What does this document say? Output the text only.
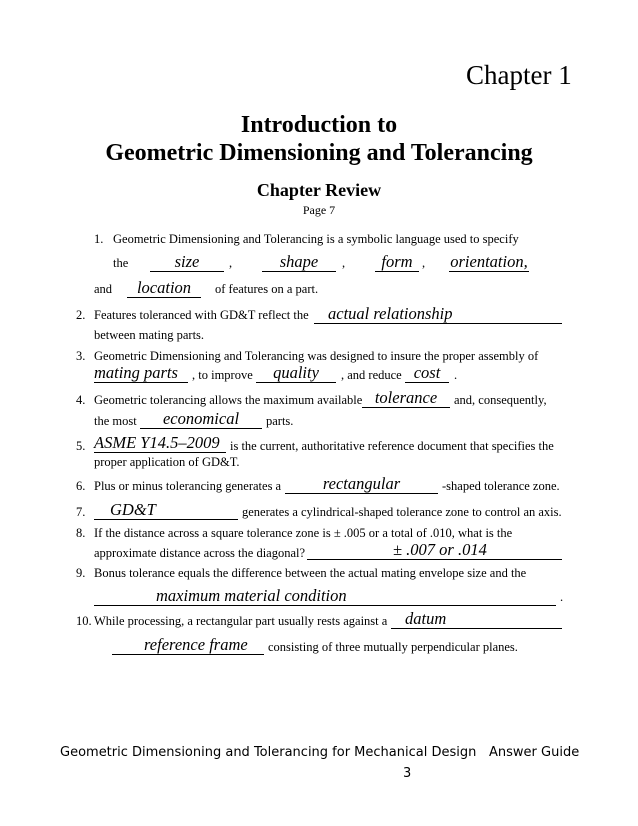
Chapter 1
Introduction to
Geometric Dimensioning and Tolerancing
Chapter Review
Page 7
1. Geometric Dimensioning and Tolerancing is a symbolic language used to specify
the	size	,	shape	,	form , orientation,
and	location	of features on a part.
2. Features toleranced with GD&T reflect the	actual relationship
between mating parts.
3. Geometric Dimensioning and Tolerancing was designed to insure the proper assembly of
mating parts	, to improve	quality	, and reduce cost	.
4. Geometric tolerancing allows the maximum available tolerance	and, consequently,
the most	economical	parts.
5. ASME Y14.5–2009 is the current, authoritative reference document that specifies the
proper application of GD&T.
6. Plus or minus tolerancing generates a	rectangular	-shaped tolerance zone.
7.	GD&T	generates a cylindrical-shaped tolerance zone to control an axis.
8. If the distance across a square tolerance zone is ± .005 or a total of .010, what is the
approximate distance across the diagonal?	± .007 or .014
9. Bonus tolerance equals the difference between the actual mating envelope size and the
maximum material condition	.
10. While processing, a rectangular part usually rests against a	datum
reference frame	consisting of three mutually perpendicular planes.
Geometric Dimensioning and Tolerancing for Mechanical Design Answer Guide
3
